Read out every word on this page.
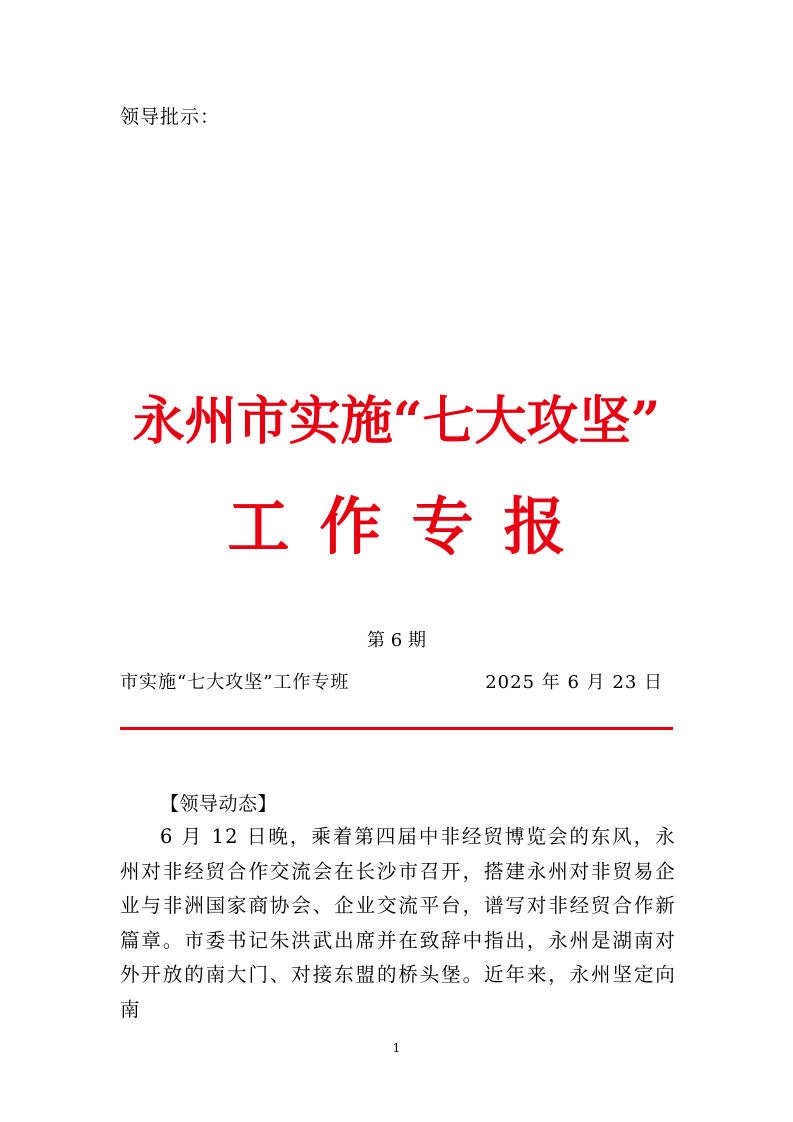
领导批示：

永州市实施“七大攻坚”
工作专报
第 6 期
市实施“七大攻坚”工作专班	2025 年 6 月 23 日
【领导动态】

6 月 12 日晚，乘着第四届中非经贸博览会的东风，永州对非经贸合作交流会在长沙市召开，搭建永州对非贸易企业与非洲国家商协会、企业交流平台，谱写对非经贸合作新篇章。市委书记朱洪武出席并在致辞中指出，永州是湖南对外开放的南大门、对接东盟的桥头堡。近年来，永州坚定向南

1
